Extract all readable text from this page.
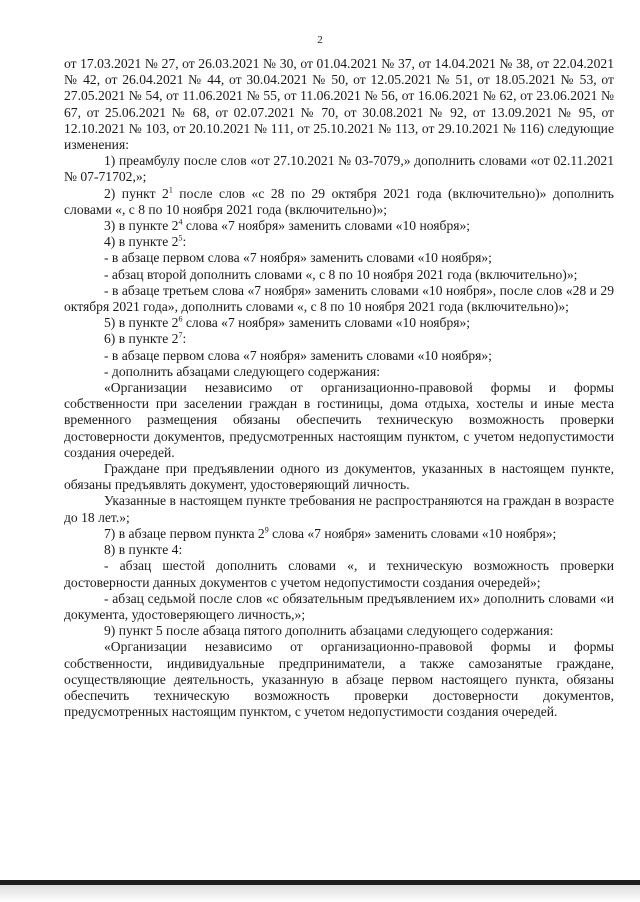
2

от 17.03.2021 № 27, от 26.03.2021 № 30, от 01.04.2021 № 37, от 14.04.2021 № 38, от 22.04.2021 № 42, от 26.04.2021 № 44, от 30.04.2021 № 50, от 12.05.2021 № 51, от 18.05.2021 № 53, от 27.05.2021 № 54, от 11.06.2021 № 55, от 11.06.2021 № 56, от 16.06.2021 № 62, от 23.06.2021 № 67, от 25.06.2021 № 68, от 02.07.2021 № 70, от 30.08.2021 № 92, от 13.09.2021 № 95, от 12.10.2021 № 103, от 20.10.2021 № 111, от 25.10.2021 № 113, от 29.10.2021 № 116) следующие изменения:

1) преамбулу после слов «от 27.10.2021 № 03-7079,» дополнить словами «от 02.11.2021 № 07-71702,»;

2) пункт $2^1$ после слов «с 28 по 29 октября 2021 года (включительно)» дополнить словами «, с 8 по 10 ноября 2021 года (включительно)»;

3) в пункте $2^4$ слова «7 ноября» заменить словами «10 ноября»;

4) в пункте $2^5$:

- в абзаце первом слова «7 ноября» заменить словами «10 ноября»;

- абзац второй дополнить словами «, с 8 по 10 ноября 2021 года (включительно)»;

- в абзаце третьем слова «7 ноября» заменить словами «10 ноября», после слов «28 и 29 октября 2021 года», дополнить словами «, с 8 по 10 ноября 2021 года (включительно)»;

5) в пункте $2^6$ слова «7 ноября» заменить словами «10 ноября»;

6) в пункте $2^7$:

- в абзаце первом слова «7 ноября» заменить словами «10 ноября»;

- дополнить абзацами следующего содержания:

«Организации независимо от организационно-правовой формы и формы собственности при заселении граждан в гостиницы, дома отдыха, хостелы и иные места временного размещения обязаны обеспечить техническую возможность проверки достоверности документов, предусмотренных настоящим пунктом, с учетом недопустимости создания очередей.

Граждане при предъявлении одного из документов, указанных в настоящем пункте, обязаны предъявлять документ, удостоверяющий личность.

Указанные в настоящем пункте требования не распространяются на граждан в возрасте до 18 лет.»;

7) в абзаце первом пункта $2^9$ слова «7 ноября» заменить словами «10 ноября»;

8) в пункте 4:

- абзац шестой дополнить словами «, и техническую возможность проверки достоверности данных документов с учетом недопустимости создания очередей»;

- абзац седьмой после слов «с обязательным предъявлением их» дополнить словами «и документа, удостоверяющего личность,»;

9) пункт 5 после абзаца пятого дополнить абзацами следующего содержания:

«Организации независимо от организационно-правовой формы и формы собственности, индивидуальные предприниматели, а также самозанятые граждане, осуществляющие деятельность, указанную в абзаце первом настоящего пункта, обязаны обеспечить техническую возможность проверки достоверности документов, предусмотренных настоящим пунктом, с учетом недопустимости создания очередей.
